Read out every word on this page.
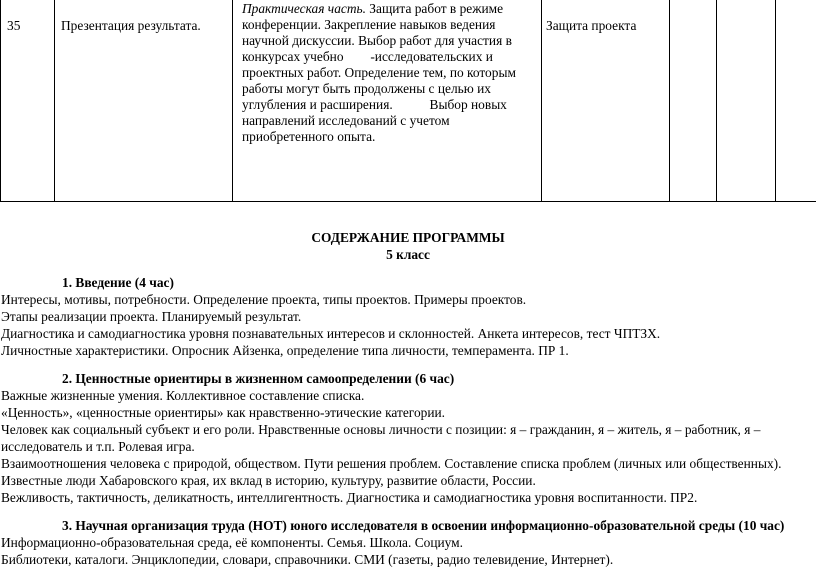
35	Презентация результата.	Практическая часть. Защита работ в режиме конференции. Закрепление навыков ведения научной дискуссии. Выбор работ для участия в конкурсах учебно        -исследовательских и проектных работ. Определение тем, по которым работы могут быть продолжены с целью их углубления и расширения.           Выбор новых направлений исследований с учетом приобретенного опыта.	Защита проекта			
СОДЕРЖАНИЕ ПРОГРАММЫ
5 класс
1. Введение (4 час)
Интересы, мотивы, потребности. Определение проекта, типы проектов. Примеры проектов.
Этапы реализации проекта. Планируемый результат.
Диагностика и самодиагностика уровня познавательных интересов и склонностей. Анкета интересов, тест ЧПТЗХ.
Личностные характеристики. Опросник Айзенка, определение типа личности, темперамента. ПР 1.
2. Ценностные ориентиры в жизненном самоопределении (6 час)
Важные жизненные умения. Коллективное составление списка.
«Ценность», «ценностные ориентиры» как нравственно-этические категории.
Человек как социальный субъект и его роли. Нравственные основы личности с позиции: я – гражданин, я – житель, я – работник, я –
исследователь и т.п. Ролевая игра.
Взаимоотношения человека с природой, обществом. Пути решения проблем. Составление списка проблем (личных или общественных).
Известные люди Хабаровского края, их вклад в историю, культуру, развитие области, России.
Вежливость, тактичность, деликатность, интеллигентность. Диагностика и самодиагностика уровня воспитанности. ПР2.
3. Научная организация труда (НОТ) юного исследователя в освоении информационно-образовательной среды (10 час)
Информационно-образовательная среда, её компоненты. Семья. Школа. Социум.
Библиотеки, каталоги. Энциклопедии, словари, справочники. СМИ (газеты, радио телевидение, Интернет).
